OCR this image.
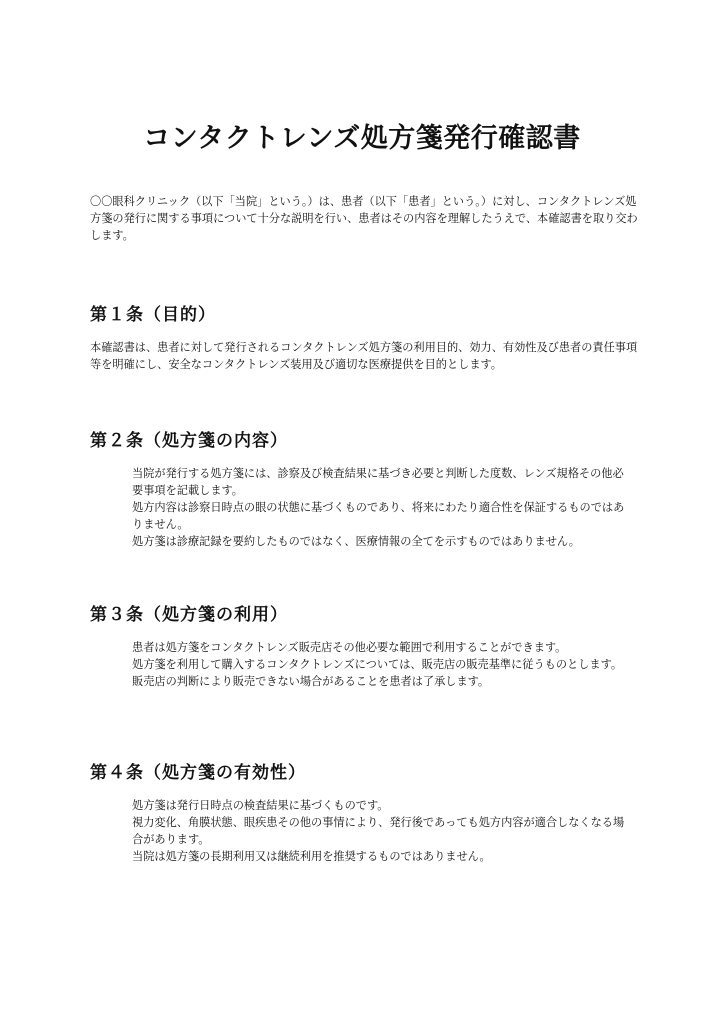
コンタクトレンズ処方箋発行確認書

〇〇眼科クリニック（以下「当院」という。）は、患者（以下「患者」という。）に対し、コンタクトレンズ処方箋の発行に関する事項について十分な説明を行い、患者はその内容を理解したうえで、本確認書を取り交わします。

第１条（目的）

本確認書は、患者に対して発行されるコンタクトレンズ処方箋の利用目的、効力、有効性及び患者の責任事項等を明確にし、安全なコンタクトレンズ装用及び適切な医療提供を目的とします。

第２条（処方箋の内容）

当院が発行する処方箋には、診察及び検査結果に基づき必要と判断した度数、レンズ規格その他必要事項を記載します。

処方内容は診察日時点の眼の状態に基づくものであり、将来にわたり適合性を保証するものではありません。

処方箋は診療記録を要約したものではなく、医療情報の全てを示すものではありません。

第３条（処方箋の利用）

患者は処方箋をコンタクトレンズ販売店その他必要な範囲で利用することができます。

処方箋を利用して購入するコンタクトレンズについては、販売店の販売基準に従うものとします。

販売店の判断により販売できない場合があることを患者は了承します。

第４条（処方箋の有効性）

処方箋は発行日時点の検査結果に基づくものです。

視力変化、角膜状態、眼疾患その他の事情により、発行後であっても処方内容が適合しなくなる場合があります。

当院は処方箋の長期利用又は継続利用を推奨するものではありません。
